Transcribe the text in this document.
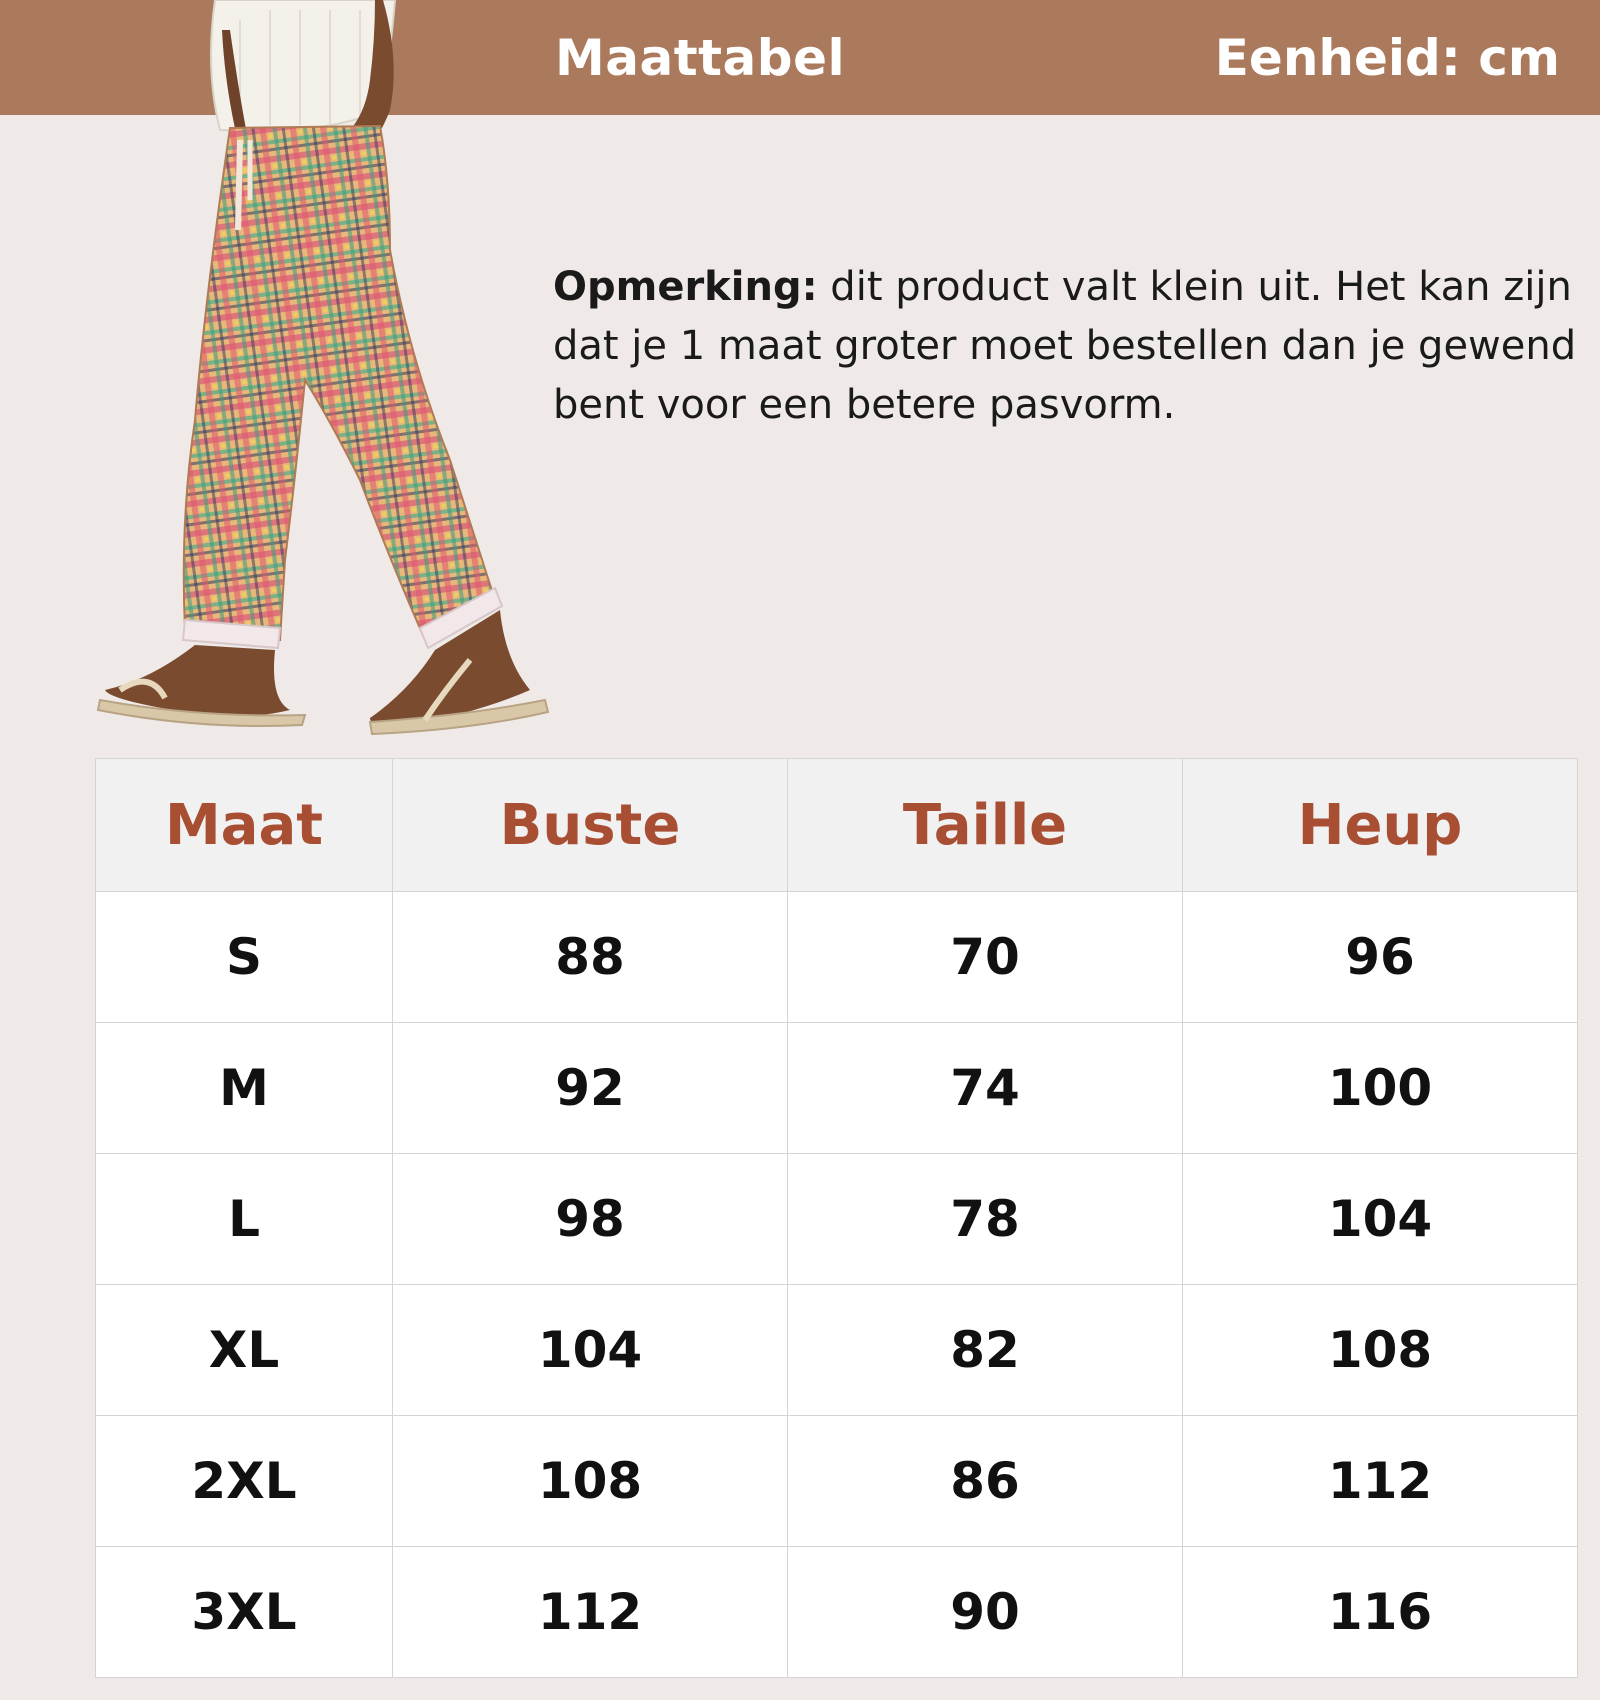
Maattabel	Eenheid: cm
Opmerking: dit product valt klein uit. Het kan zijn dat je 1 maat groter moet bestellen dan je gewend bent voor een betere pasvorm.
Maat	Buste	Taille	Heup
S	88	70	96
M	92	74	100
L	98	78	104
XL	104	82	108
2XL	108	86	112
3XL	112	90	116
